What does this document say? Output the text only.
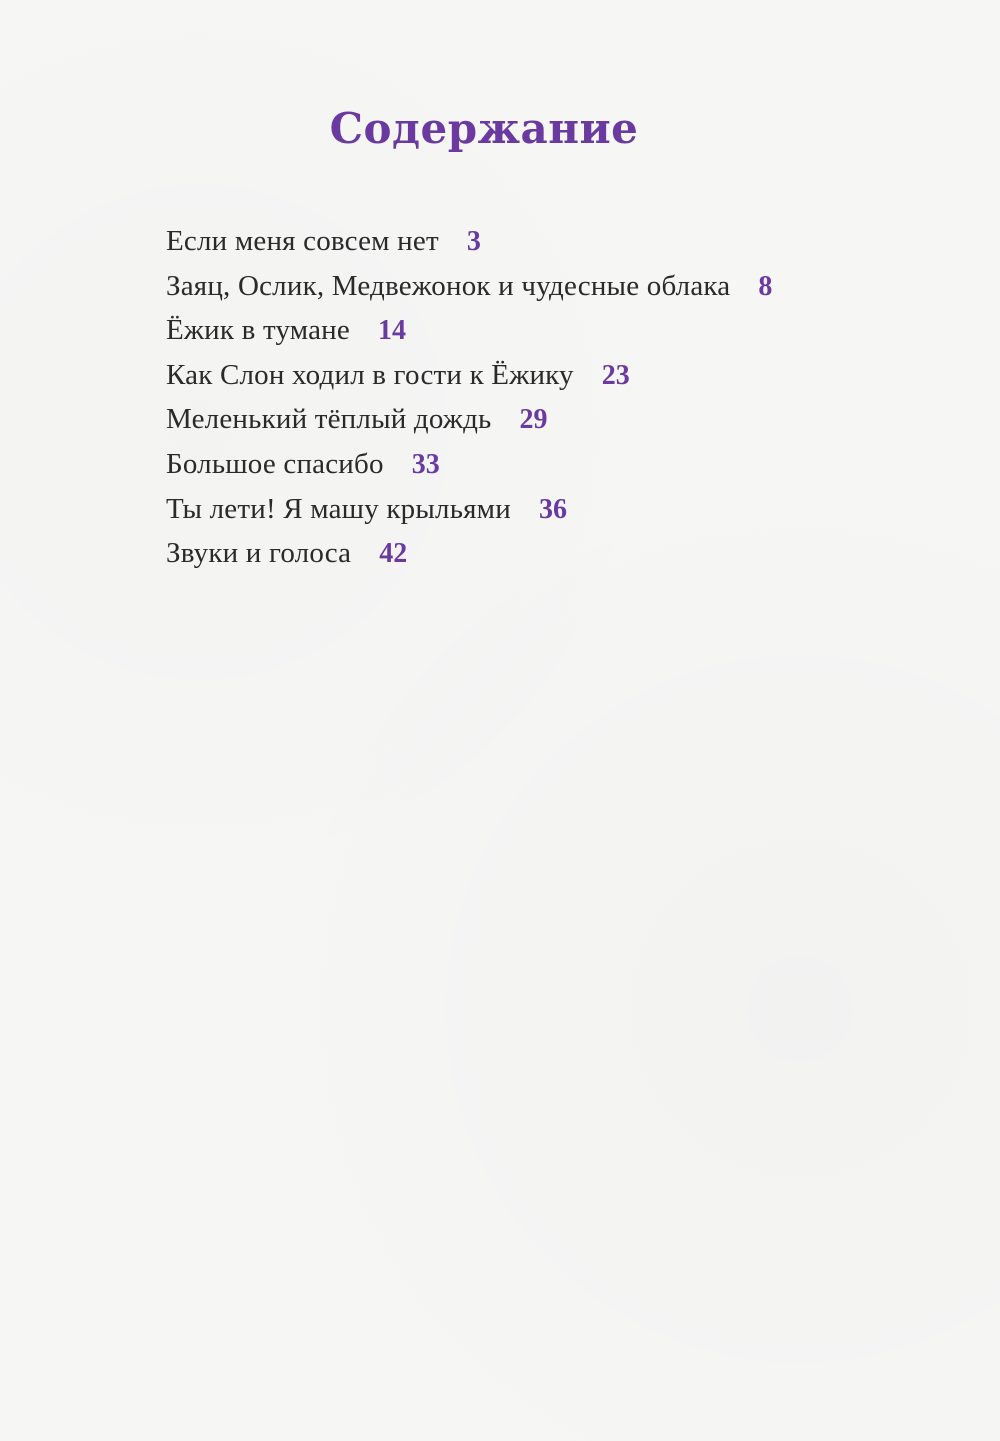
Содержание
Если меня совсем нет 3
Заяц, Ослик, Медвежонок и чудесные облака 8
Ёжик в тумане 14
Как Слон ходил в гости к Ёжику 23
Меленький тёплый дождь 29
Большое спасибо 33
Ты лети! Я машу крыльями 36
Звуки и голоса 42
